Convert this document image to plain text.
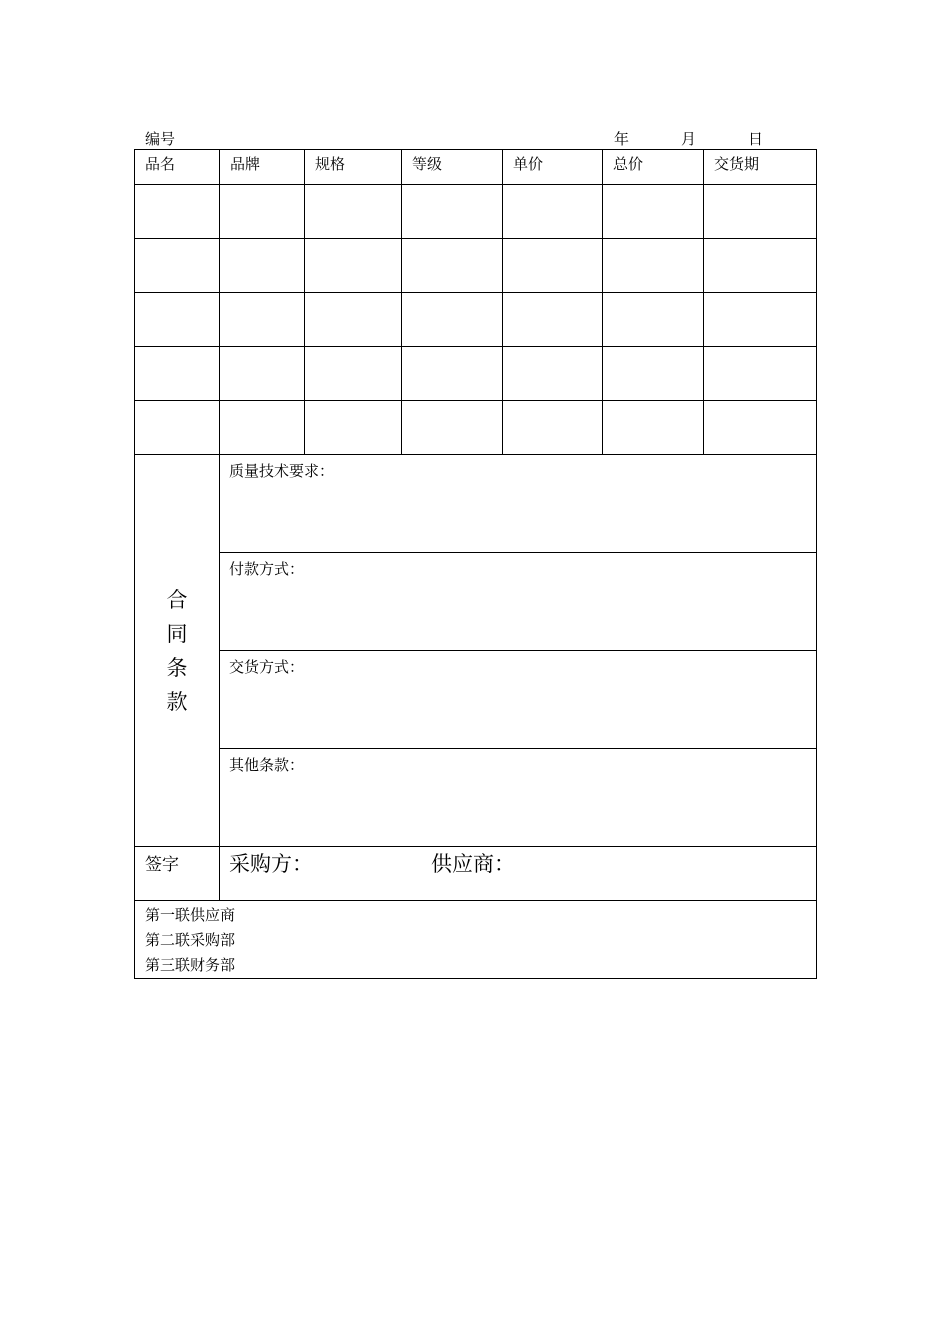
编号	年	月	日
品名	品牌	规格	等级	单价	总价	交货期

合
同
条
款	质量技术要求：					
	付款方式：					
	交货方式：					
	其他条款：					
签字	采购方： 供应商：					

第一联供应商
第二联采购部
第三联财务部						
